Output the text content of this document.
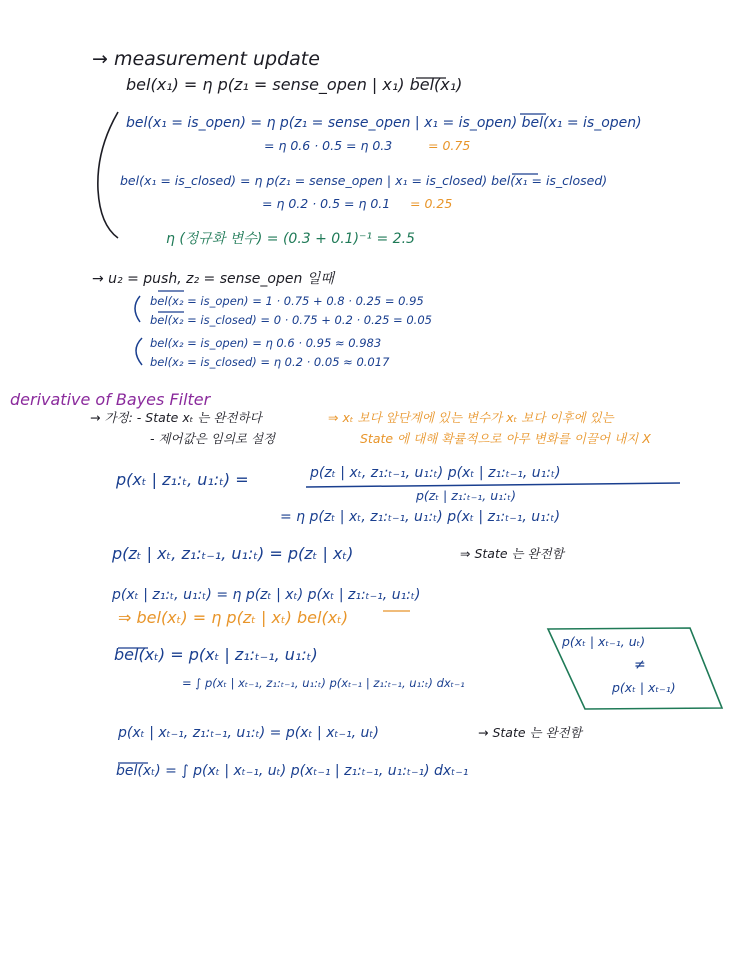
→ measurement update
bel(x₁) = η p(z₁ = sense_open | x₁) bel(x₁)
bel(x₁ = is_open) = η p(z₁ = sense_open | x₁ = is_open) bel(x₁ = is_open)
= η 0.6 · 0.5 = η 0.3	= 0.75
bel(x₁ = is_closed) = η p(z₁ = sense_open | x₁ = is_closed) bel(x₁ = is_closed)
= η 0.2 · 0.5 = η 0.1 = 0.25
η (정규화 변수) = (0.3 + 0.1)⁻¹ = 2.5
→ u₂ = push, z₂ = sense_open 일때
bel(x₂ = is_open) = 1 · 0.75 + 0.8 · 0.25 = 0.95
bel(x₂ = is_closed) = 0 · 0.75 + 0.2 · 0.25 = 0.05
bel(x₂ = is_open) = η 0.6 · 0.95 ≈ 0.983
bel(x₂ = is_closed) = η 0.2 · 0.05 ≈ 0.017
derivative of Bayes Filter
→ 가정: - State xₜ 는 완전하다
- 제어값은 임의로 설정
⇒ xₜ 보다 앞단계에 있는 변수가 xₜ 보다 이후에 있는
State 에 대해 확률적으로 아무 변화를 이끌어 내지 X
p(xₜ | z₁:ₜ, u₁:ₜ) =	p(zₜ | xₜ, z₁:ₜ₋₁, u₁:ₜ) p(xₜ | z₁:ₜ₋₁, u₁:ₜ)
p(zₜ | z₁:ₜ₋₁, u₁:ₜ)
= η p(zₜ | xₜ, z₁:ₜ₋₁, u₁:ₜ) p(xₜ | z₁:ₜ₋₁, u₁:ₜ)
p(zₜ | xₜ, z₁:ₜ₋₁, u₁:ₜ) = p(zₜ | xₜ)	⇒ State 는 완전함
p(xₜ | z₁:ₜ, u₁:ₜ) = η p(zₜ | xₜ) p(xₜ | z₁:ₜ₋₁, u₁:ₜ)
⇒ bel(xₜ) = η p(zₜ | xₜ) bel(xₜ)
bel(xₜ) = p(xₜ | z₁:ₜ₋₁, u₁:ₜ)
= ∫ p(xₜ | xₜ₋₁, z₁:ₜ₋₁, u₁:ₜ) p(xₜ₋₁ | z₁:ₜ₋₁, u₁:ₜ) dxₜ₋₁
p(xₜ | xₜ₋₁, uₜ)
≠
p(xₜ | xₜ₋₁)
p(xₜ | xₜ₋₁, z₁:ₜ₋₁, u₁:ₜ) = p(xₜ | xₜ₋₁, uₜ)	→ State 는 완전함
bel(xₜ) = ∫ p(xₜ | xₜ₋₁, uₜ) p(xₜ₋₁ | z₁:ₜ₋₁, u₁:ₜ₋₁) dxₜ₋₁
